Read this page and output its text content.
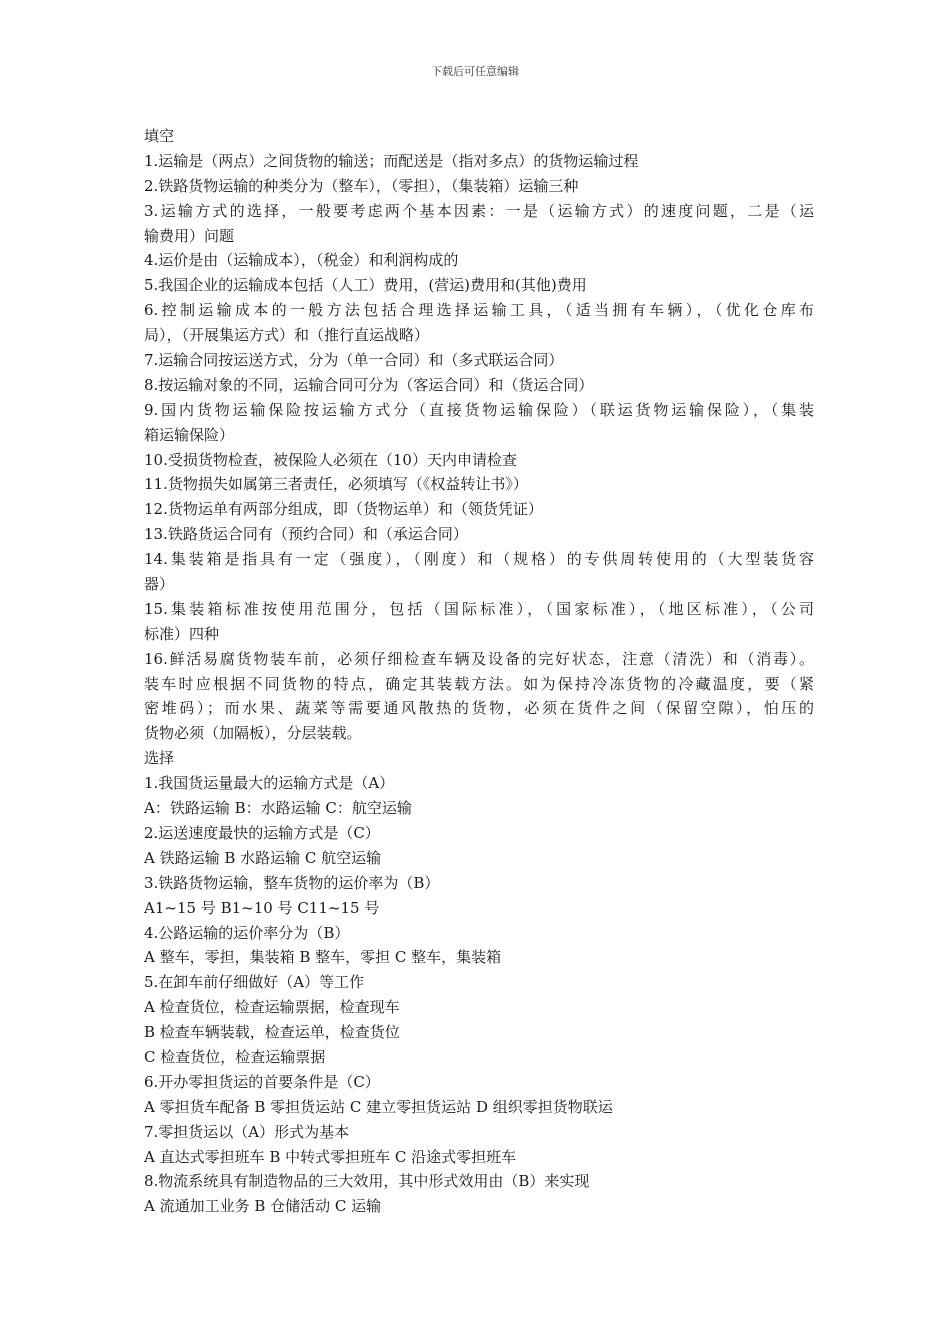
下载后可任意编辑

填空

1.运输是（两点）之间货物的输送；而配送是（指对多点）的货物运输过程

2.铁路货物运输的种类分为（整车），（零担），（集装箱）运输三种

3.运输方式的选择，一般要考虑两个基本因素：一是（运输方式）的速度问题，二是（运

输费用）问题

4.运价是由（运输成本），（税金）和利润构成的

5.我国企业的运输成本包括（人工）费用，(营运)费用和(其他)费用

6.控制运输成本的一般方法包括合理选择运输工具，（适当拥有车辆），（优化仓库布

局），（开展集运方式）和（推行直运战略）

7.运输合同按运送方式，分为（单一合同）和（多式联运合同）

8.按运输对象的不同，运输合同可分为（客运合同）和（货运合同）

9.国内货物运输保险按运输方式分（直接货物运输保险）（联运货物运输保险），（集装

箱运输保险）

10.受损货物检查，被保险人必须在（10）天内申请检查

11.货物损失如属第三者责任，必须填写（《权益转让书》）

12.货物运单有两部分组成，即（货物运单）和（领货凭证）

13.铁路货运合同有（预约合同）和（承运合同）

14.集装箱是指具有一定（强度），（刚度）和（规格）的专供周转使用的（大型装货容

器）

15.集装箱标准按使用范围分，包括（国际标准），（国家标准），（地区标准），（公司

标准）四种

16.鲜活易腐货物装车前，必须仔细检查车辆及设备的完好状态，注意（清洗）和（消毒）。

装车时应根据不同货物的特点，确定其装载方法。如为保持冷冻货物的冷藏温度，要（紧

密堆码）；而水果、蔬菜等需要通风散热的货物，必须在货件之间（保留空隙），怕压的

货物必须（加隔板），分层装载。

选择

1.我国货运量最大的运输方式是（A）

A：铁路运输 B：水路运输 C：航空运输

2.运送速度最快的运输方式是（C）

A 铁路运输 B 水路运输 C 航空运输

3.铁路货物运输，整车货物的运价率为（B）

A1~15 号 B1~10 号 C11~15 号

4.公路运输的运价率分为（B）

A 整车，零担，集装箱 B 整车，零担 C 整车，集装箱

5.在卸车前仔细做好（A）等工作

A 检查货位，检查运输票据，检查现车

B 检查车辆装载，检查运单，检查货位

C 检查货位，检查运输票据

6.开办零担货运的首要条件是（C）

A 零担货车配备 B 零担货运站 C 建立零担货运站 D 组织零担货物联运

7.零担货运以（A）形式为基本

A 直达式零担班车 B 中转式零担班车 C 沿途式零担班车

8.物流系统具有制造物品的三大效用，其中形式效用由（B）来实现

A 流通加工业务 B 仓储活动 C 运输
